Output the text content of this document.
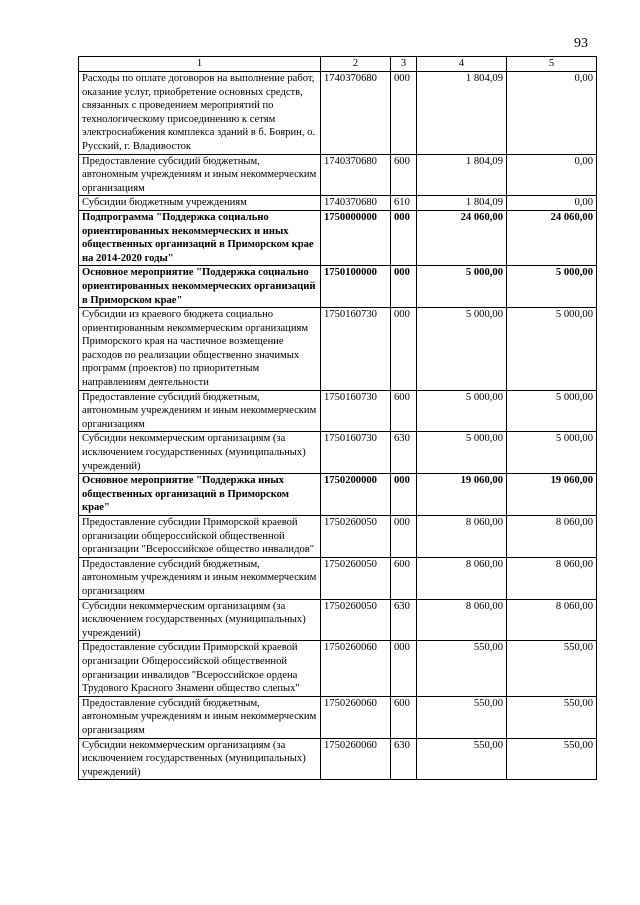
93
1	2	3	4	5
Расходы по оплате договоров на выполнение работ, оказание услуг, приобретение основных средств, связанных с проведением мероприятий по технологическому присоединению к сетям электроснабжения комплекса зданий в б. Боярин, о. Русский, г. Владивосток	1740370680	000	1 804,09	0,00
Предоставление субсидий бюджетным, автономным учреждениям и иным некоммерческим организациям	1740370680	600	1 804,09	0,00
Субсидии бюджетным учреждениям	1740370680	610	1 804,09	0,00
Подпрограмма "Поддержка социально ориентированных некоммерческих и иных общественных организаций в Приморском крае на 2014-2020 годы"	1750000000	000	24 060,00	24 060,00
Основное мероприятие "Поддержка социально ориентированных некоммерческих организаций в Приморском крае"	1750100000	000	5 000,00	5 000,00
Субсидии из краевого бюджета социально ориентированным некоммерческим организациям Приморского края на частичное возмещение расходов по реализации общественно значимых программ (проектов) по приоритетным направлениям деятельности	1750160730	000	5 000,00	5 000,00
Предоставление субсидий бюджетным, автономным учреждениям и иным некоммерческим организациям	1750160730	600	5 000,00	5 000,00
Субсидии некоммерческим организациям (за исключением государственных (муниципальных) учреждений)	1750160730	630	5 000,00	5 000,00
Основное мероприятие "Поддержка иных общественных организаций в Приморском крае"	1750200000	000	19 060,00	19 060,00
Предоставление субсидии Приморской краевой организации общероссийской общественной организации "Всероссийское общество инвалидов"	1750260050	000	8 060,00	8 060,00
Предоставление субсидий бюджетным, автономным учреждениям и иным некоммерческим организациям	1750260050	600	8 060,00	8 060,00
Субсидии некоммерческим организациям (за исключением государственных (муниципальных) учреждений)	1750260050	630	8 060,00	8 060,00
Предоставление субсидии Приморской краевой организации Общероссийской общественной организации инвалидов "Всероссийское ордена Трудового Красного Знамени общество слепых"	1750260060	000	550,00	550,00
Предоставление субсидий бюджетным, автономным учреждениям и иным некоммерческим организациям	1750260060	600	550,00	550,00
Субсидии некоммерческим организациям (за исключением государственных (муниципальных) учреждений)	1750260060	630	550,00	550,00
